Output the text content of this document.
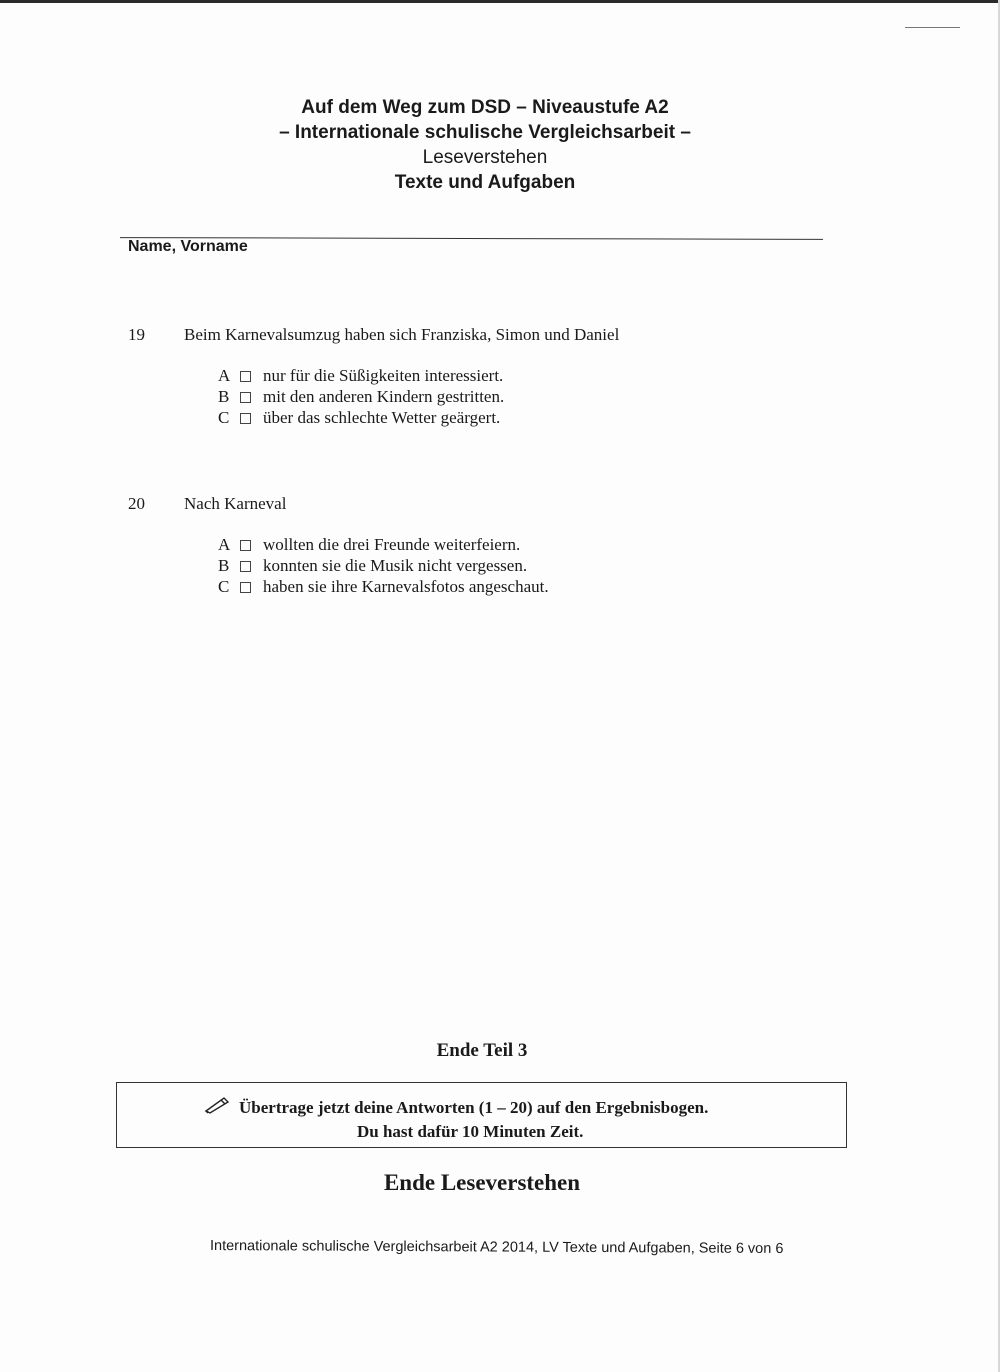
Auf dem Weg zum DSD – Niveaustufe A2
– Internationale schulische Vergleichsarbeit –
Leseverstehen
Texte und Aufgaben
Name, Vorname
19 Beim Karnevalsumzug haben sich Franziska, Simon und Daniel
A nur für die Süßigkeiten interessiert.
B mit den anderen Kindern gestritten.
C über das schlechte Wetter geärgert.
20 Nach Karneval
A wollten die drei Freunde weiterfeiern.
B konnten sie die Musik nicht vergessen.
C haben sie ihre Karnevalsfotos angeschaut.
Ende Teil 3
Übertrage jetzt deine Antworten (1 – 20) auf den Ergebnisbogen.
Du hast dafür 10 Minuten Zeit.
Ende Leseverstehen
Internationale schulische Vergleichsarbeit A2 2014, LV Texte und Aufgaben, Seite 6 von 6
